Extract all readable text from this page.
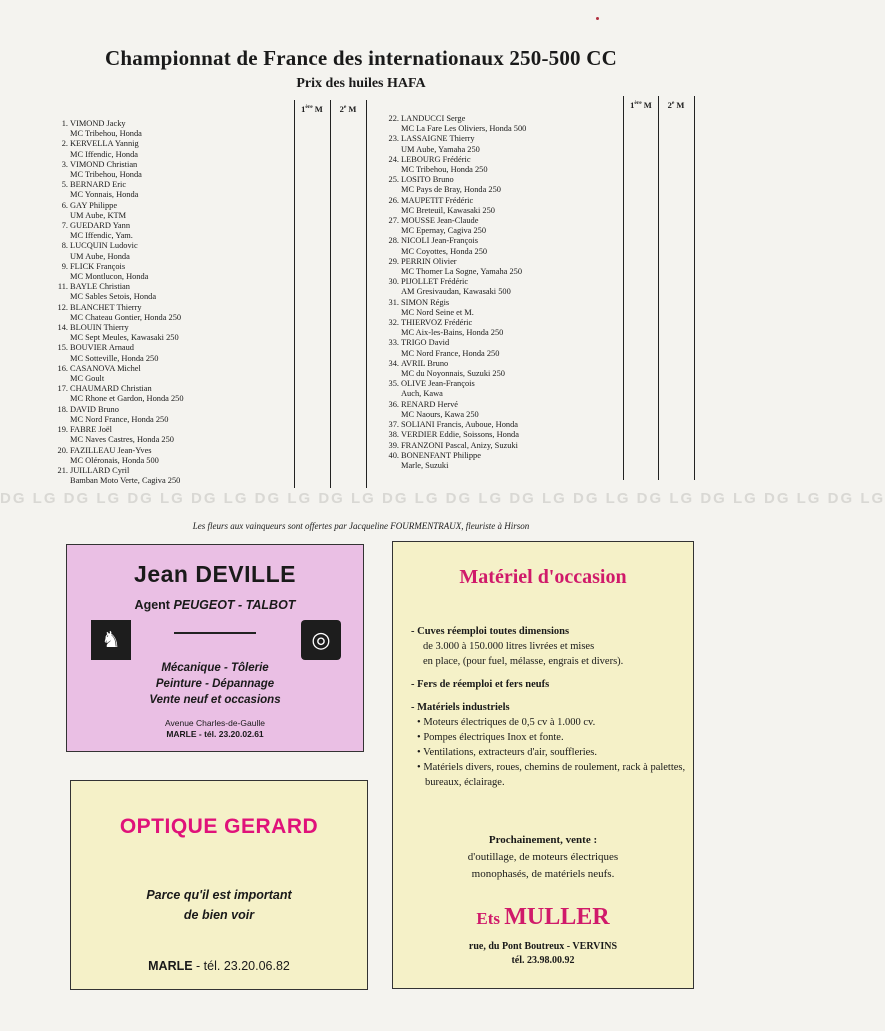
DG LG DG LG DG LG DG LG DG LG DG LG DG LG DG LG DG LG DG LG DG LG DG LG DG LG DG LG
Championnat de France des internationaux 250-500 CC
Prix des huiles HAFA
1ère M	2e M	1ère M	2e M
1. VIMOND Jacky
MC Tribehou, Honda
2. KERVELLA Yannig
MC Iffendic, Honda
3. VIMOND Christian
MC Tribehou, Honda
5. BERNARD Eric
MC Yonnais, Honda
6. GAY Philippe
UM Aube, KTM
7. GUEDARD Yann
MC Iffendic, Yam.
8. LUCQUIN Ludovic
UM Aube, Honda
9. FLICK François
MC Montlucon, Honda
11. BAYLE Christian
MC Sables Setois, Honda
12. BLANCHET Thierry
MC Chateau Gontier, Honda 250
14. BLOUIN Thierry
MC Sept Meules, Kawasaki 250
15. BOUVIER Arnaud
MC Sotteville, Honda 250
16. CASANOVA Michel
MC Goult
17. CHAUMARD Christian
MC Rhone et Gardon, Honda 250
18. DAVID Bruno
MC Nord France, Honda 250
19. FABRE Joël
MC Naves Castres, Honda 250
20. FAZILLEAU Jean-Yves
MC Oléronais, Honda 500
21. JUILLARD Cyril
Bamban Moto Verte, Cagiva 250
22. LANDUCCI Serge
MC La Fare Les Oliviers, Honda 500
23. LASSAIGNE Thierry
UM Aube, Yamaha 250
24. LEBOURG Frédéric
MC Tribehou, Honda 250
25. LOSITO Bruno
MC Pays de Bray, Honda 250
26. MAUPETIT Frédéric
MC Breteuil, Kawasaki 250
27. MOUSSE Jean-Claude
MC Epernay, Cagiva 250
28. NICOLI Jean-François
MC Coyottes, Honda 250
29. PERRIN Olivier
MC Thomer La Sogne, Yamaha 250
30. PIJOLLET Frédéric
AM Gresivaudan, Kawasaki 500
31. SIMON Régis
MC Nord Seine et M.
32. THIERVOZ Frédéric
MC Aix-les-Bains, Honda 250
33. TRIGO David
MC Nord France, Honda 250
34. AVRIL Bruno
MC du Noyonnais, Suzuki 250
35. OLIVE Jean-François
Auch, Kawa
36. RENARD Hervé
MC Naours, Kawa 250
37. SOLIANI Francis, Auboue, Honda
38. VERDIER Eddie, Soissons, Honda
39. FRANZONI Pascal, Anizy, Suzuki
40. BONENFANT Philippe
Marle, Suzuki
Les fleurs aux vainqueurs sont offertes par Jacqueline FOURMENTRAUX, fleuriste à Hirson
Jean DEVILLE
Agent PEUGEOT - TALBOT
♞	◎
Mécanique - Tôlerie
Peinture - Dépannage
Vente neuf et occasions
Avenue Charles-de-Gaulle
MARLE - tél. 23.20.02.61
OPTIQUE GERARD
Parce qu'il est important
de bien voir
MARLE - tél. 23.20.06.82
Matériel d'occasion
- Cuves réemploi toutes dimensions
de 3.000 à 150.000 litres livrées et mises
en place, (pour fuel, mélasse, engrais et divers).
- Fers de réemploi et fers neufs
- Matériels industriels
• Moteurs électriques de 0,5 cv à 1.000 cv.
• Pompes électriques Inox et fonte.
• Ventilations, extracteurs d'air, souffleries.
• Matériels divers, roues, chemins de roulement, rack à palettes, bureaux, éclairage.
Prochainement, vente :
d'outillage, de moteurs électriques
monophasés, de matériels neufs.
Ets MULLER
rue, du Pont Boutreux - VERVINS
tél. 23.98.00.92
